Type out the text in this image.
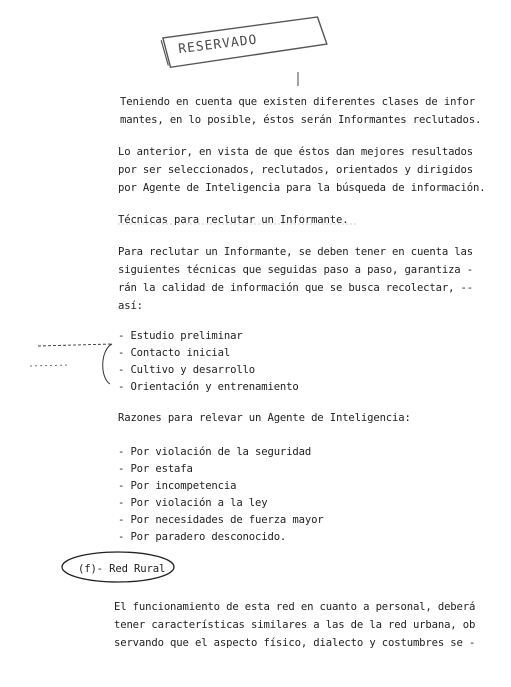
RESERVADO
Teniendo en cuenta que existen diferentes clases de infor
mantes, en lo posible, éstos serán Informantes reclutados.
Lo anterior, en vista de que éstos dan mejores resultados
por ser seleccionados, reclutados, orientados y dirigidos
por Agente de Inteligencia para la búsqueda de información.
Técnicas para reclutar un Informante.
Para reclutar un Informante, se deben tener en cuenta las
siguientes técnicas que seguidas paso a paso, garantiza -
rán la calidad de información que se busca recolectar, --
así:
- Estudio preliminar
- Contacto inicial
- Cultivo y desarrollo
- Orientación y entrenamiento
Razones para relevar un Agente de Inteligencia:
- Por violación de la seguridad
- Por estafa
- Por incompetencia
- Por violación a la ley
- Por necesidades de fuerza mayor
- Por paradero desconocido.
(f)- Red Rural
El funcionamiento de esta red en cuanto a personal, deberá
tener características similares a las de la red urbana, ob
servando que el aspecto físico, dialecto y costumbres se -
